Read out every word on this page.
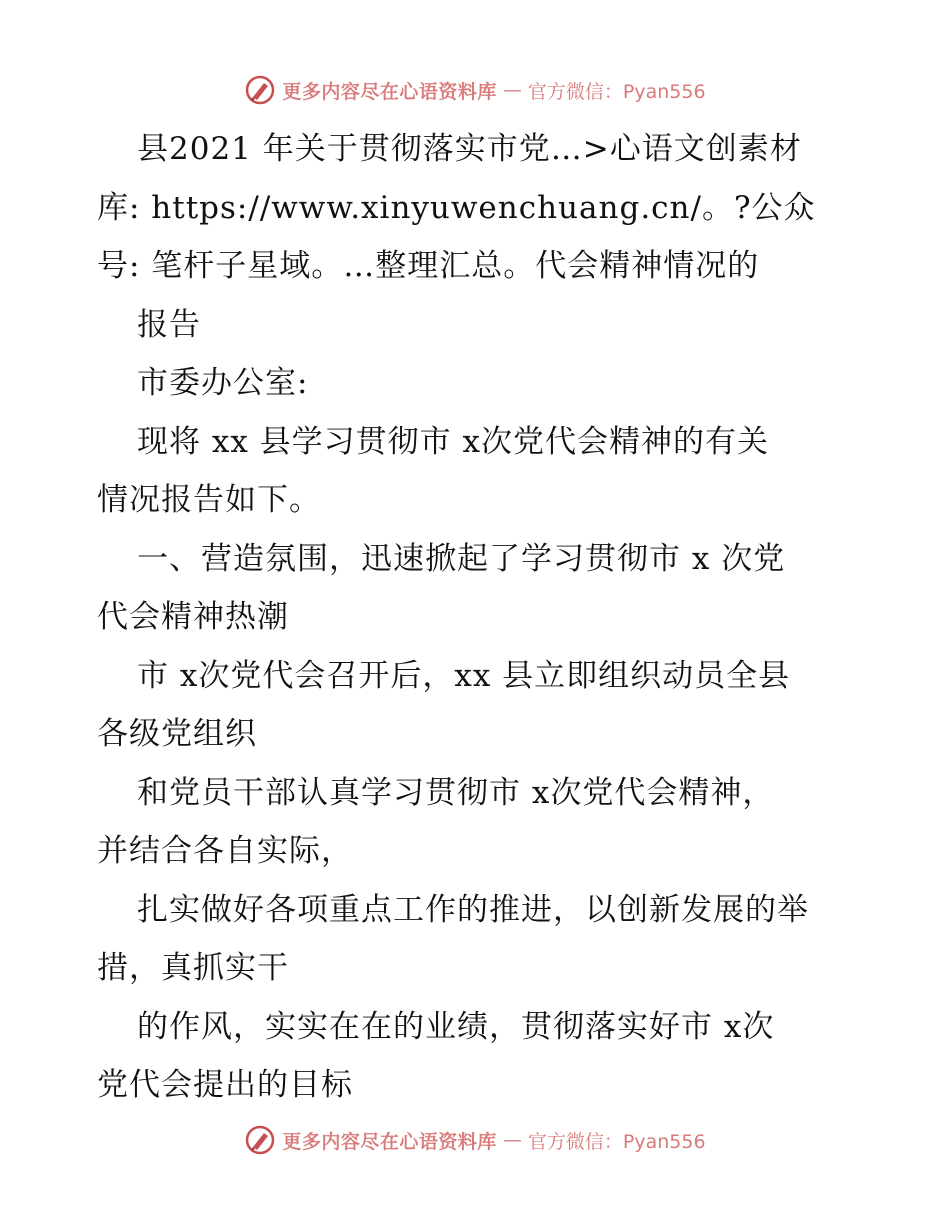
更多内容尽在心语资料库 — 官方微信：Pyan556
县2021 年关于贯彻落实市党…>心语文创素材
库: https://www.xinyuwenchuang.cn/。?公众
号: 笔杆子星域。…整理汇总。代会精神情况的
报告
市委办公室:
现将 xx 县学习贯彻市 x次党代会精神的有关
情况报告如下。
一、营造氛围，迅速掀起了学习贯彻市 x 次党
代会精神热潮
市 x次党代会召开后，xx 县立即组织动员全县
各级党组织
和党员干部认真学习贯彻市 x次党代会精神，
并结合各自实际，
扎实做好各项重点工作的推进，以创新发展的举
措，真抓实干
的作风，实实在在的业绩，贯彻落实好市 x次
党代会提出的目标
更多内容尽在心语资料库 — 官方微信：Pyan556
